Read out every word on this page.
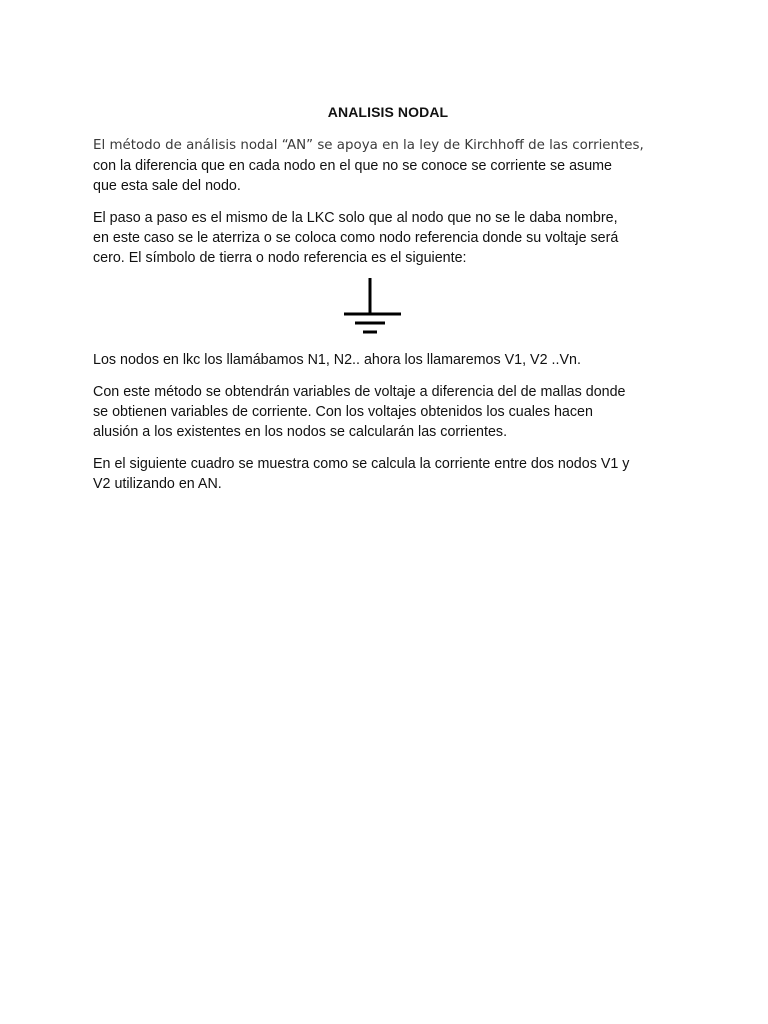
ANALISIS NODAL

El método de análisis nodal “AN” se apoya en la ley de Kirchhoff de las corrientes,
con la diferencia que en cada nodo en el que no se conoce se corriente se asume
que esta sale del nodo.

El paso a paso es el mismo de la LKC solo que al nodo que no se le daba nombre,
en este caso se le aterriza o se coloca como nodo referencia donde su voltaje será
cero. El símbolo de tierra o nodo referencia es el siguiente:

Los nodos en lkc los llamábamos N1, N2.. ahora los llamaremos V1, V2 ..Vn.

Con este método se obtendrán variables de voltaje a diferencia del de mallas donde
se obtienen variables de corriente. Con los voltajes obtenidos los cuales hacen
alusión a los existentes en los nodos se calcularán las corrientes.

En el siguiente cuadro se muestra como se calcula la corriente entre dos nodos V1 y
V2 utilizando en AN.
